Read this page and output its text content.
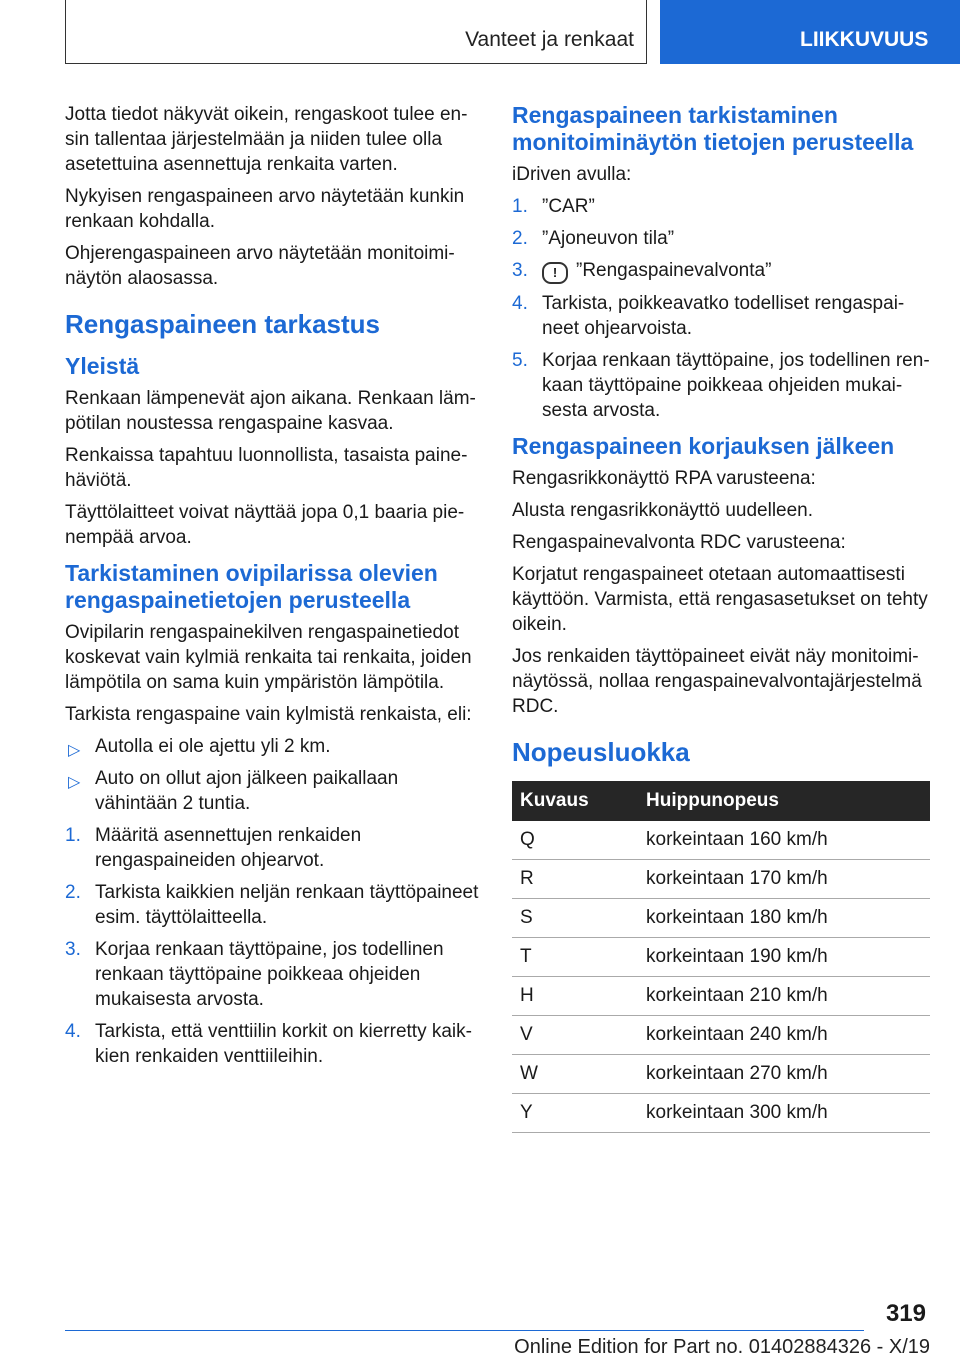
Vanteet ja renkaat	LIIKKUVUUS

Jotta tiedot näkyvät oikein, rengaskoot tulee ensin tallentaa järjestelmään ja niiden tulee olla asetettuina asennettuja renkaita varten.

Nykyisen rengaspaineen arvo näytetään kunkin renkaan kohdalla.

Ohjerengaspaineen arvo näytetään monitoiminäytön alaosassa.

Rengaspaineen tarkastus
Yleistä

Renkaan lämpenevät ajon aikana. Renkaan lämpötilan noustessa rengaspaine kasvaa.

Renkaissa tapahtuu luonnollista, tasaista painehäviötä.

Täyttölaitteet voivat näyttää jopa 0,1 baaria pienempää arvoa.

Tarkistaminen ovipilarissa olevien rengaspainetietojen perusteella

Ovipilarin rengaspainekilven rengaspainetiedot koskevat vain kylmiä renkaita tai renkaita, joiden lämpötila on sama kuin ympäristön lämpötila.

Tarkista rengaspaine vain kylmistä renkaista, eli:

▷ Autolla ei ole ajettu yli 2 km.
▷ Auto on ollut ajon jälkeen paikallaan vähintään 2 tuntia.
1. Määritä asennettujen renkaiden rengaspaineiden ohjearvot.
2. Tarkista kaikkien neljän renkaan täyttöpaineet esim. täyttölaitteella.
3. Korjaa renkaan täyttöpaine, jos todellinen renkaan täyttöpaine poikkeaa ohjeiden mukaisesta arvosta.
4. Tarkista, että venttiilin korkit on kierretty kaikkien renkaiden venttiileihin.
Rengaspaineen tarkistaminen monitoiminäytön tietojen perusteella

iDriven avulla:

1. ”CAR”
2. ”Ajoneuvon tila”
3. ! ”Rengaspainevalvonta”
4. Tarkista, poikkeavatko todelliset rengaspaineet ohjearvoista.
5. Korjaa renkaan täyttöpaine, jos todellinen renkaan täyttöpaine poikkeaa ohjeiden mukaisesta arvosta.
Rengaspaineen korjauksen jälkeen

Rengasrikkonäyttö RPA varusteena:

Alusta rengasrikkonäyttö uudelleen.

Rengaspainevalvonta RDC varusteena:

Korjatut rengaspaineet otetaan automaattisesti käyttöön. Varmista, että rengasasetukset on tehty oikein.

Jos renkaiden täyttöpaineet eivät näy monitoiminäytössä, nollaa rengaspainevalvontajärjestelmä RDC.

Nopeusluokka
Kuvaus	Huippunopeus
Q	korkeintaan 160 km/h
R	korkeintaan 170 km/h
S	korkeintaan 180 km/h
T	korkeintaan 190 km/h
H	korkeintaan 210 km/h
V	korkeintaan 240 km/h
W	korkeintaan 270 km/h
Y	korkeintaan 300 km/h
319
Online Edition for Part no. 01402884326 - X/19
